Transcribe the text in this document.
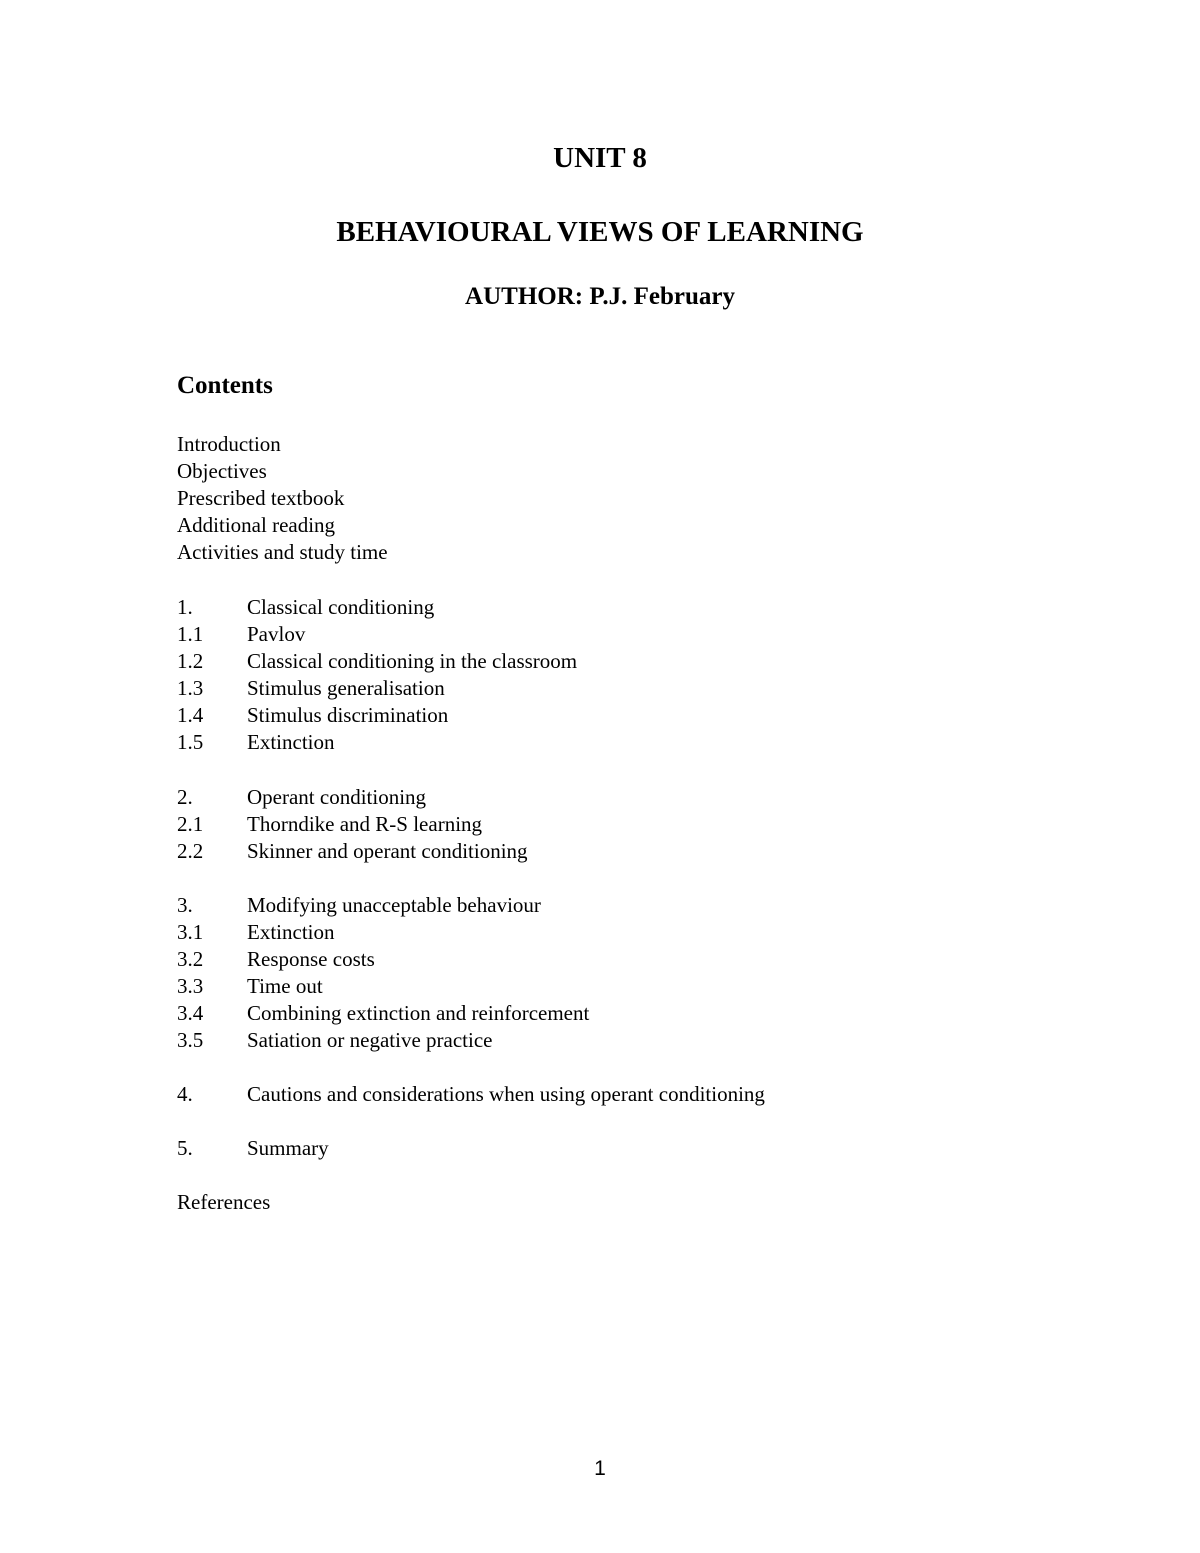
UNIT 8
BEHAVIOURAL VIEWS OF LEARNING
AUTHOR: P.J. February
Contents
Introduction
Objectives
Prescribed textbook
Additional reading
Activities and study time
1.	Classical conditioning
1.1 Pavlov
1.2 Classical conditioning in the classroom
1.3 Stimulus generalisation
1.4 Stimulus discrimination
1.5 Extinction
2.	Operant conditioning
2.1 Thorndike and R-S learning
2.2 Skinner and operant conditioning
3.	Modifying unacceptable behaviour
3.1 Extinction
3.2 Response costs
3.3 Time out
3.4 Combining extinction and reinforcement
3.5 Satiation or negative practice
4.	Cautions and considerations when using operant conditioning
5.	Summary
References
1
